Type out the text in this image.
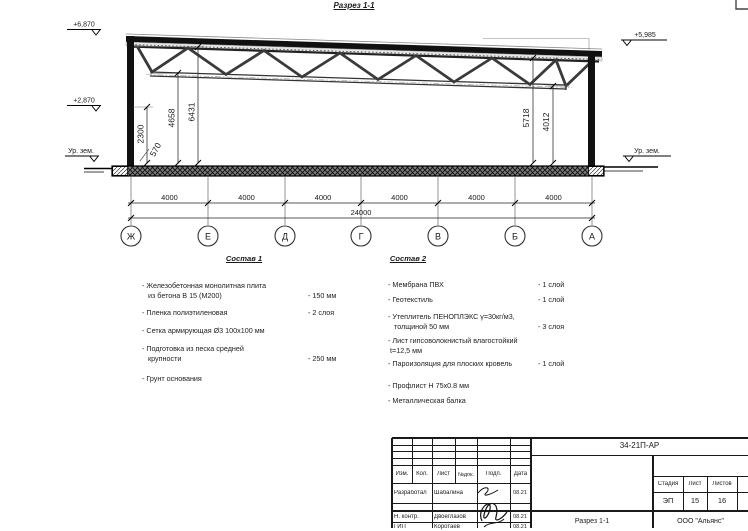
Разрез 1-1
2300
570
4658 6431	5718 4012
+6,870
+2,870
Ур. зем.
+5,985
Ур. зем.
4000	4000	4000	4000	4000	4000
24000
Ж	Е	Д	Г	В	Б	А
Состав 1
- Железобетонная монолитная плита
из бетона В 15 (М200)	- 150 мм
- Пленка полиэтиленовая	- 2 слоя
- Сетка армирующая Ø3 100х100 мм
- Подготовка из песка средней
крупности	- 250 мм
- Грунт основания
Состав 2
- Мембрана ПВХ	- 1 слой
- Геотекстиль	- 1 слой
- Утеплитель ПЕНОПЛЭКС γ=30кг/м3,
толщиной 50 мм	- 3 слоя
- Лист гипсоволокнистый влагостойкий
t=12,5 мм
- Пароизоляция для плоских кровель	- 1 слой
- Профлист Н 75х0.8 мм
- Металлическая балка
Изм.	Кол.	Лист	№док.	Подп.	Дата
Разработал	Шабалина	08.21
Н. контр.	Двоеглазов	08.21
ГИП	Коротаев	08.21
34-21П-АР
Стадия	Лист	Листов
ЭП	15	16
Разрез 1-1	ООО "Альянс"
